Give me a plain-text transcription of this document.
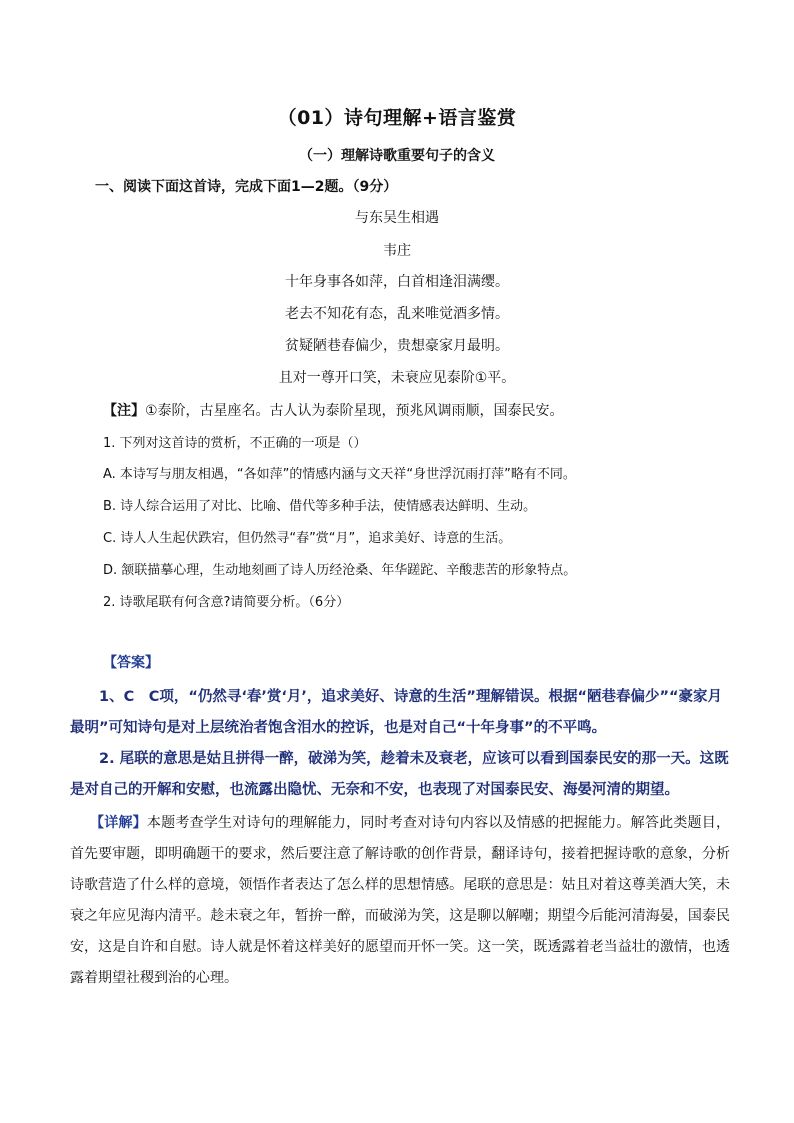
（01）诗句理解+语言鉴赏
（一）理解诗歌重要句子的含义
一、阅读下面这首诗，完成下面1—2题。（9分）
与东吴生相遇
韦庄
十年身事各如萍，白首相逢泪满缨。
老去不知花有态，乱来唯觉酒多情。
贫疑陋巷春偏少，贵想豪家月最明。
且对一尊开口笑，未衰应见泰阶①平。
【注】①泰阶，古星座名。古人认为泰阶星现，预兆风调雨顺，国泰民安。
1. 下列对这首诗的赏析，不正确的一项是（）
A. 本诗写与朋友相遇，“各如萍”的情感内涵与文天祥“身世浮沉雨打萍”略有不同。
B. 诗人综合运用了对比、比喻、借代等多种手法，使情感表达鲜明、生动。
C. 诗人人生起伏跌宕，但仍然寻“春”赏“月”，追求美好、诗意的生活。
D. 颔联描摹心理，生动地刻画了诗人历经沧桑、年华蹉跎、辛酸悲苦的形象特点。
2. 诗歌尾联有何含意?请简要分析。（6分）
【答案】
1、C　C项，“仍然寻‘春’赏‘月’，追求美好、诗意的生活”理解错误。根据“陋巷春偏少”“豪家月最明”可知诗句是对上层统治者饱含泪水的控诉，也是对自己“十年身事”的不平鸣。
2. 尾联的意思是姑且拼得一醉，破涕为笑，趁着未及衰老，应该可以看到国泰民安的那一天。这既是对自己的开解和安慰，也流露出隐忧、无奈和不安，也表现了对国泰民安、海晏河清的期望。
【详解】本题考查学生对诗句的理解能力，同时考查对诗句内容以及情感的把握能力。解答此类题目，首先要审题，即明确题干的要求，然后要注意了解诗歌的创作背景，翻译诗句，接着把握诗歌的意象，分析诗歌营造了什么样的意境，领悟作者表达了怎么样的思想情感。尾联的意思是：姑且对着这尊美酒大笑，未衰之年应见海内清平。趁未衰之年，暂拚一醉，而破涕为笑，这是聊以解嘲；期望今后能河清海晏，国泰民安，这是自许和自慰。诗人就是怀着这样美好的愿望而开怀一笑。这一笑，既透露着老当益壮的激情，也透露着期望社稷到治的心理。
